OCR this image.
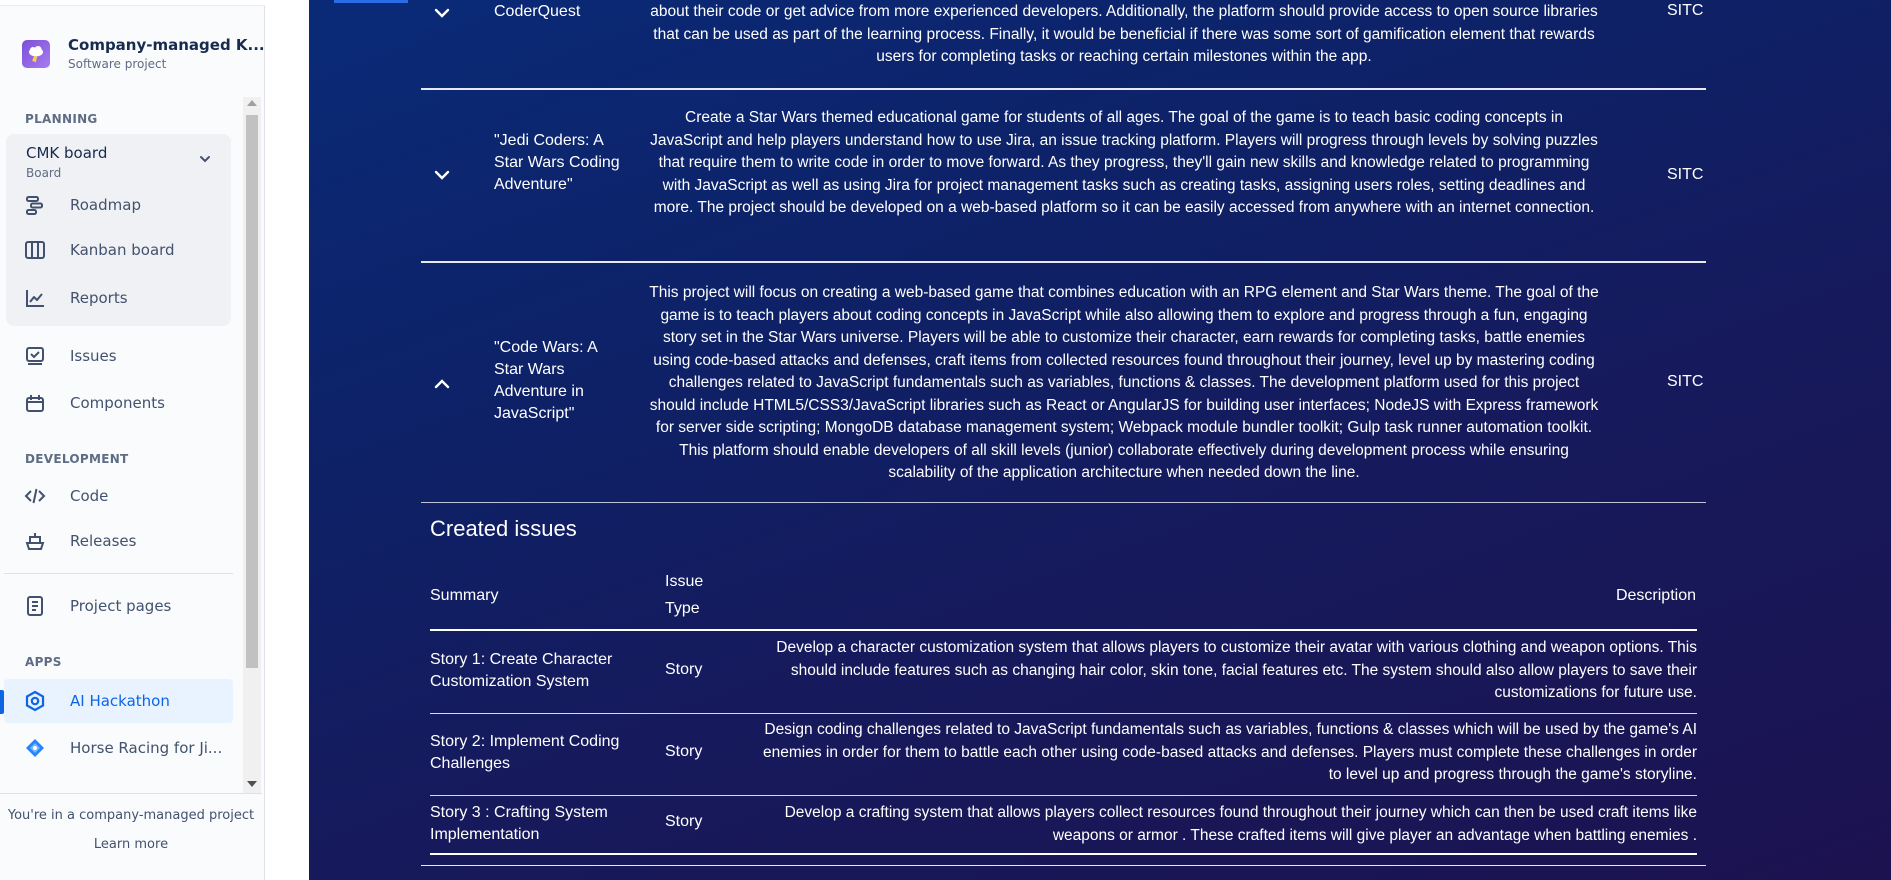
Company-managed K...
Software project
PLANNING
CMK board
Board
Roadmap
Kanban board
Reports
Issues
Components
DEVELOPMENT
Code
Releases
Project pages
APPS
AI Hackathon
Horse Racing for Ji...
You're in a company-managed project
Learn more
CoderQuest	about their code or get advice from more experienced developers. Additionally, the platform should provide access to open source libraries that can be used as part of the learning process. Finally, it would be beneficial if there was some sort of gamification element that rewards users for completing tasks or reaching certain milestones within the app.
SITC
"Jedi Coders: A Star Wars Coding Adventure"
Create a Star Wars themed educational game for students of all ages. The goal of the game is to teach basic coding concepts in JavaScript and help players understand how to use Jira, an issue tracking platform. Players will progress through levels by solving puzzles that require them to write code in order to move forward. As they progress, they'll gain new skills and knowledge related to programming with JavaScript as well as using Jira for project management tasks such as creating tasks, assigning users roles, setting deadlines and more. The project should be developed on a web-based platform so it can be easily accessed from anywhere with an internet connection.
SITC
"Code Wars: A Star Wars Adventure in JavaScript"
This project will focus on creating a web-based game that combines education with an RPG element and Star Wars theme. The goal of the game is to teach players about coding concepts in JavaScript while also allowing them to explore and progress through a fun, engaging story set in the Star Wars universe. Players will be able to customize their character, earn rewards for completing tasks, battle enemies using code-based attacks and defenses, craft items from collected resources found throughout their journey, level up by mastering coding challenges related to JavaScript fundamentals such as variables, functions & classes. The development platform used for this project should include HTML5/CSS3/JavaScript libraries such as React or AngularJS for building user interfaces; NodeJS with Express framework for server side scripting; MongoDB database management system; Webpack module bundler toolkit; Gulp task runner automation toolkit. This platform should enable developers of all skill levels (junior) collaborate effectively during development process while ensuring scalability of the application architecture when needed down the line.
SITC
Created issues
Summary
Issue
Type
Description
Story 1: Create Character Customization System
Story
Develop a character customization system that allows players to customize their avatar with various clothing and weapon options. This should include features such as changing hair color, skin tone, facial features etc. The system should also allow players to save their customizations for future use.
Story 2: Implement Coding Challenges
Story
Design coding challenges related to JavaScript fundamentals such as variables, functions & classes which will be used by the game's AI enemies in order for them to battle each other using code-based attacks and defenses. Players must complete these challenges in order to level up and progress through the game's storyline.
Story 3 : Crafting System Implementation
Story
Develop a crafting system that allows players collect resources found throughout their journey which can then be used craft items like weapons or armor . These crafted items will give player an advantage when battling enemies .
